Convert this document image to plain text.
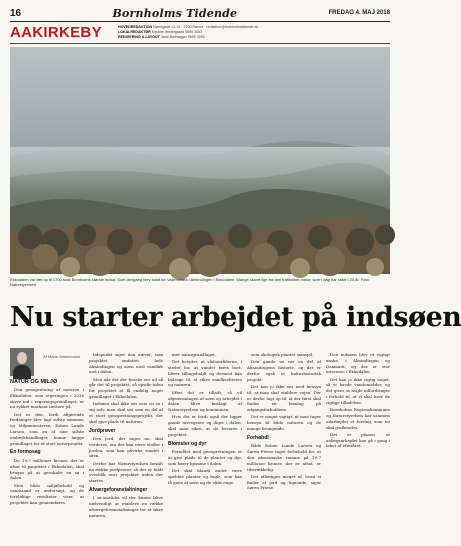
16	Bornholms Tidende	FREDAG 4. MAJ 2018
AAKIRKEBY	HOVEDREDAKTION Nørregade 11-19 · 3700 Rønne · redaktion@bornholmstidende.dk
LOKALREDAKTØR Kirstine Vestergaard 5690 3083
REDIGERING & LAYOUT Jane Ballhagger 5690 3092
Ekkodalen var tæt op til 1700 fuldt Bornholms største indsø. Som dengang blev kaldt for Vallensbæk i Almindingen i Ekkodalen. Mange skove lige fra den trafiksikre mose, som i dag har stået i 20 år. Foto: Naturstyrelsen
Nu starter arbejdet på indsøen
Af Mads Vestermann
NATUR OG MILJØ

Den genopretning af naturen i Ekkodalen, som regeringen i 2016 skrev ind i regeringsgrundlaget, er nu rykket markant tættere på.

Det er den, fordi afgørende fredninger blev lagt sidste sommer, og Miljøministeren, Esben Lunde Larsen, som en af sine sidste embedshandlinger, kunne lægge grundlaget for et stort naturprojekt.

En formosag

De 19,7 millioner kroner, der er afsat til projektet i Ekkodalen, skal bruges på at genskabe en sø i dalen.

Men både miljøforhold og vandstand er undersøgt, og de foreløbige resultater viser, at projektet kan gennemføres.

tidspunkt siger den nævnt, som projektet omfattet, hele Almindingen og søen med vandløb ned i dalen.

Men når det der fysiske ser ud så går det til projektet, så opstår tiden for projektet at få endelig noget grundlaget i Ekkodalen.

Indsøen skal ikke ses som en sø i sig selv, men skal ses som en del af et stort genopretningsprojekt, der skal give plads til naturen.

Jordprøver

Den jord, der tages nu, skal vurderes, om der kan være stoffer i jorden, som kan påvirke vandet i søen.

Derfor har Naturstyrelsen bestilt en række jordprøver, så der er fuldt overblik over projektet inden der startes.

Afværgeforanstaltninger

I sø-området vil der kunne blive nødvendigt at etablere en række afværgeforanstaltninger for at sikre naturen.

mer naturgrundlaget.

Det betyder, at vådområderne, i stedet for, at vandet føres bort, bliver tilbageholdt og dermed kan bidrage til, at sikre vandkvaliteten og naturen.

Efter det er tilladt, så vil afgrænsningen af søen og arbejdet i dalen blive fastlagt af Naturstyrelsen og kommunen.

Hvis det er fordi også der ligger gamle tørvegrave og diger i dalen, skal man sikre, at de bevares i projektet.

Blomster og dyr

Formålet med genopretningen er at give plads til de planter og dyr, som hører hjemme i dalen.

Det skal blandt andet være sjældne planter og fugle, som kan få gavn af søen og de våde enge.

som økologisk plantet samspil.

Den gamle sø var en del af Almindingens historie, og det er derfor også et kulturhistorisk projekt.

Det kan jo ikke ses med hensyn til, at man skal etablere vejen. Der er derfor lagt op til, at der først skal findes en løsning på adgangsforholdene.

Det er meget vigtigt, at man tager hensyn til både naturen og de mange besøgende.

Forhøbdl

Både Esben Lunde Larsen og Søren Friese taget forbehold for, at den økonomiske ramme på 19,7 millioner kroner, der er afsat, er tilstrækkelig.

Det afhænger meget af, hvad vi finder af jord og lignende, siger Søren Friese.

Den indsøen blev et vigtigt ønske, i Almindingen og Danmark, og der er stor interesse i Ekkodalen.

Det kan jo ikke rigtig noget, så vi havde vandområder, og det giver os nogle udfordringer i forhold til, at vi skal have de rigtige tilladelser.

Bornholms Regionskommune og Naturstyrelsen har sammen udarbejdet et forslag, som nu skal godkendes.

Det er planen, at anlægsarbejdet kan gå i gang i løbet af efteråret.
